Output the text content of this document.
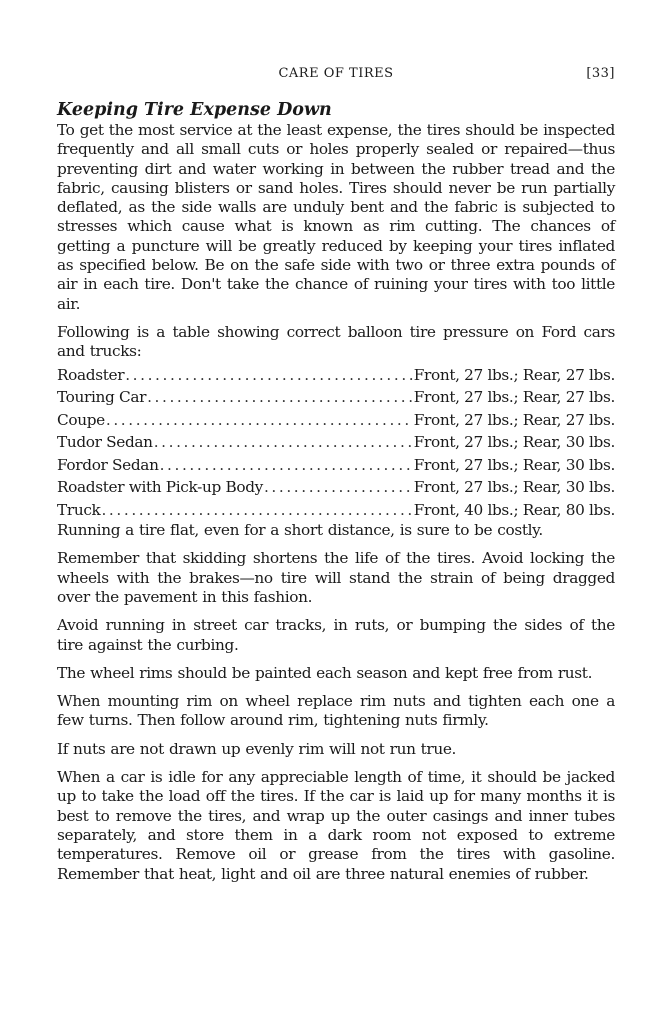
CARE OF TIRES	[33]
Keeping Tire Expense Down

To get the most service at the least expense, the tires should be inspected frequently and all small cuts or holes properly sealed or repaired—thus preventing dirt and water working in between the rubber tread and the fabric, causing blisters or sand holes. Tires should never be run partially deflated, as the side walls are unduly bent and the fabric is subjected to stresses which cause what is known as rim cutting. The chances of getting a puncture will be greatly reduced by keeping your tires inflated as specified below. Be on the safe side with two or three extra pounds of air in each tire. Don't take the chance of ruining your tires with too little air.

Following is a table showing correct balloon tire pressure on Ford cars and trucks:

Roadster .....	Front, 27 lbs.; Rear, 27 lbs.
Touring Car .....	Front, 27 lbs.; Rear, 27 lbs.
Coupe .....	Front, 27 lbs.; Rear, 27 lbs.
Tudor Sedan .....	Front, 27 lbs.; Rear, 30 lbs.
Fordor Sedan .....	Front, 27 lbs.; Rear, 30 lbs.
Roadster with Pick-up Body .....	Front, 27 lbs.; Rear, 30 lbs.
Truck .....	Front, 40 lbs.; Rear, 80 lbs.

Running a tire flat, even for a short distance, is sure to be costly.

Remember that skidding shortens the life of the tires. Avoid locking the wheels with the brakes—no tire will stand the strain of being dragged over the pavement in this fashion.

Avoid running in street car tracks, in ruts, or bumping the sides of the tire against the curbing.

The wheel rims should be painted each season and kept free from rust.

When mounting rim on wheel replace rim nuts and tighten each one a few turns. Then follow around rim, tightening nuts firmly.

If nuts are not drawn up evenly rim will not run true.

When a car is idle for any appreciable length of time, it should be jacked up to take the load off the tires. If the car is laid up for many months it is best to remove the tires, and wrap up the outer casings and inner tubes separately, and store them in a dark room not exposed to extreme temperatures. Remove oil or grease from the tires with gasoline. Remember that heat, light and oil are three natural enemies of rubber.
